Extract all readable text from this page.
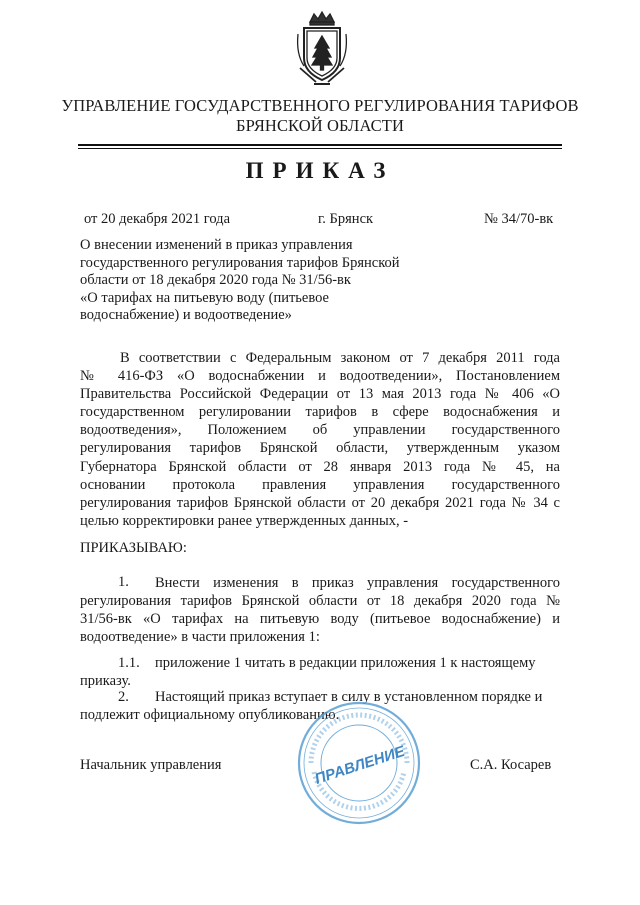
УПРАВЛЕНИЕ ГОСУДАРСТВЕННОГО РЕГУЛИРОВАНИЯ ТАРИФОВ
БРЯНСКОЙ ОБЛАСТИ
ПРИКАЗ
от 20 декабря 2021 года	г. Брянск	№ 34/70-вк
О внесении изменений в приказ управления
государственного регулирования тарифов Брянской
области от 18 декабря 2020 года № 31/56-вк
«О тарифах на питьевую воду (питьевое
водоснабжение) и водоотведение»
В соответствии с Федеральным законом от 7 декабря 2011 года
№ 416-ФЗ «О водоснабжении и водоотведении», Постановлением
Правительства Российской Федерации от 13 мая 2013 года № 406 «О
государственном регулировании тарифов в сфере водоснабжения и
водоотведения», Положением об управлении государственного
регулирования тарифов Брянской области, утвержденным указом
Губернатора Брянской области от 28 января 2013 года № 45, на
основании протокола правления управления государственного
регулирования тарифов Брянской области от 20 декабря 2021 года № 34 с
целью корректировки ранее утвержденных данных, -
ПРИКАЗЫВАЮ:
1.	Внести изменения в приказ управления государственного
регулирования тарифов Брянской области от 18 декабря 2020 года №
31/56-вк «О тарифах на питьевую воду (питьевое водоснабжение) и
водоотведение» в части приложения 1:
1.1. приложение 1 читать в редакции приложения 1 к настоящему
приказу.
2. Настоящий приказ вступает в силу в установленном порядке и
подлежит официальному опубликованию.
ПРАВЛЕНИЕ
Начальник управления	С.А. Косарев
